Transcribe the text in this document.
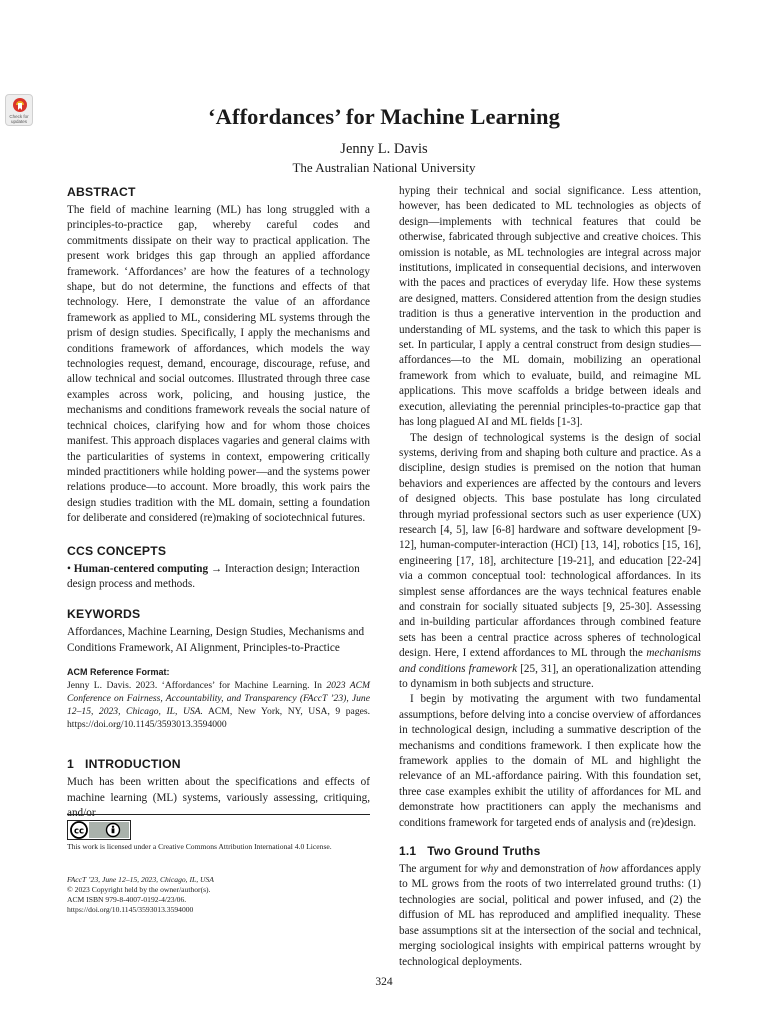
Check for updates	‘Affordances’ for Machine Learning
Jenny L. Davis
The Australian National University
ABSTRACT

The field of machine learning (ML) has long struggled with a principles-to-practice gap, whereby careful codes and commitments dissipate on their way to practical application. The present work bridges this gap through an applied affordance framework. ‘Affordances’ are how the features of a technology shape, but do not determine, the functions and effects of that technology. Here, I demonstrate the value of an affordance framework as applied to ML, considering ML systems through the prism of design studies. Specifically, I apply the mechanisms and conditions framework of affordances, which models the way technologies request, demand, encourage, discourage, refuse, and allow technical and social outcomes. Illustrated through three case examples across work, policing, and housing justice, the mechanisms and conditions framework reveals the social nature of technical choices, clarifying how and for whom those choices manifest. This approach displaces vagaries and general claims with the particularities of systems in context, empowering critically minded practitioners while holding power—and the systems power relations produce—to account. More broadly, this work pairs the design studies tradition with the ML domain, setting a foundation for deliberate and considered (re)making of sociotechnical futures.

CCS CONCEPTS

• Human-centered computing → Interaction design; Interaction design process and methods.

KEYWORDS

Affordances, Machine Learning, Design Studies, Mechanisms and Conditions Framework, AI Alignment, Principles-to-Practice

ACM Reference Format:
Jenny L. Davis. 2023. ‘Affordances’ for Machine Learning. In 2023 ACM Conference on Fairness, Accountability, and Transparency (FAccT ’23), June 12–15, 2023, Chicago, IL, USA. ACM, New York, NY, USA, 9 pages. https://doi.org/10.1145/3593013.3594000
1 INTRODUCTION

Much has been written about the specifications and effects of machine learning (ML) systems, variously assessing, critiquing, and/or

cc
This work is licensed under a Creative Commons Attribution International 4.0 License.
FAccT ’23, June 12–15, 2023, Chicago, IL, USA
© 2023 Copyright held by the owner/author(s).
ACM ISBN 979-8-4007-0192-4/23/06.
https://doi.org/10.1145/3593013.3594000

hyping their technical and social significance. Less attention, however, has been dedicated to ML technologies as objects of design—implements with technical features that could be otherwise, fabricated through subjective and creative choices. This omission is notable, as ML technologies are integral across major institutions, implicated in consequential decisions, and interwoven with the paces and practices of everyday life. How these systems are designed, matters. Considered attention from the design studies tradition is thus a generative intervention in the production and understanding of ML systems, and the task to which this paper is set. In particular, I apply a central construct from design studies—affordances—to the ML domain, mobilizing an operational framework from which to evaluate, build, and reimagine ML applications. This move scaffolds a bridge between ideals and execution, alleviating the perennial principles-to-practice gap that has long plagued AI and ML fields [1-3].

The design of technological systems is the design of social systems, deriving from and shaping both culture and practice. As a discipline, design studies is premised on the notion that human behaviors and experiences are affected by the contours and levers of designed objects. This base postulate has long circulated through myriad professional sectors such as user experience (UX) research [4, 5], law [6-8] hardware and software development [9-12], human-computer-interaction (HCI) [13, 14], robotics [15, 16], engineering [17, 18], architecture [19-21], and education [22-24] via a common conceptual tool: technological affordances. In its simplest sense affordances are the ways technical features enable and constrain for socially situated subjects [9, 25-30]. Assessing and in-building particular affordances through combined feature sets has been a central practice across spheres of technological design. Here, I extend affordances to ML through the mechanisms and conditions framework [25, 31], an operationalization attending to dynamism in both subjects and structure.

I begin by motivating the argument with two fundamental assumptions, before delving into a concise overview of affordances in technological design, including a summative description of the mechanisms and conditions framework. I then explicate how the framework applies to the domain of ML and highlight the relevance of an ML-affordance pairing. With this foundation set, three case examples exhibit the utility of affordances for ML and demonstrate how practitioners can apply the mechanisms and conditions framework for targeted ends of analysis and (re)design.

1.1 Two Ground Truths

The argument for why and demonstration of how affordances apply to ML grows from the roots of two interrelated ground truths: (1) technologies are social, political and power infused, and (2) the diffusion of ML has reproduced and amplified inequality. These base assumptions sit at the intersection of the social and technical, merging sociological insights with empirical patterns wrought by technological deployments.

324
